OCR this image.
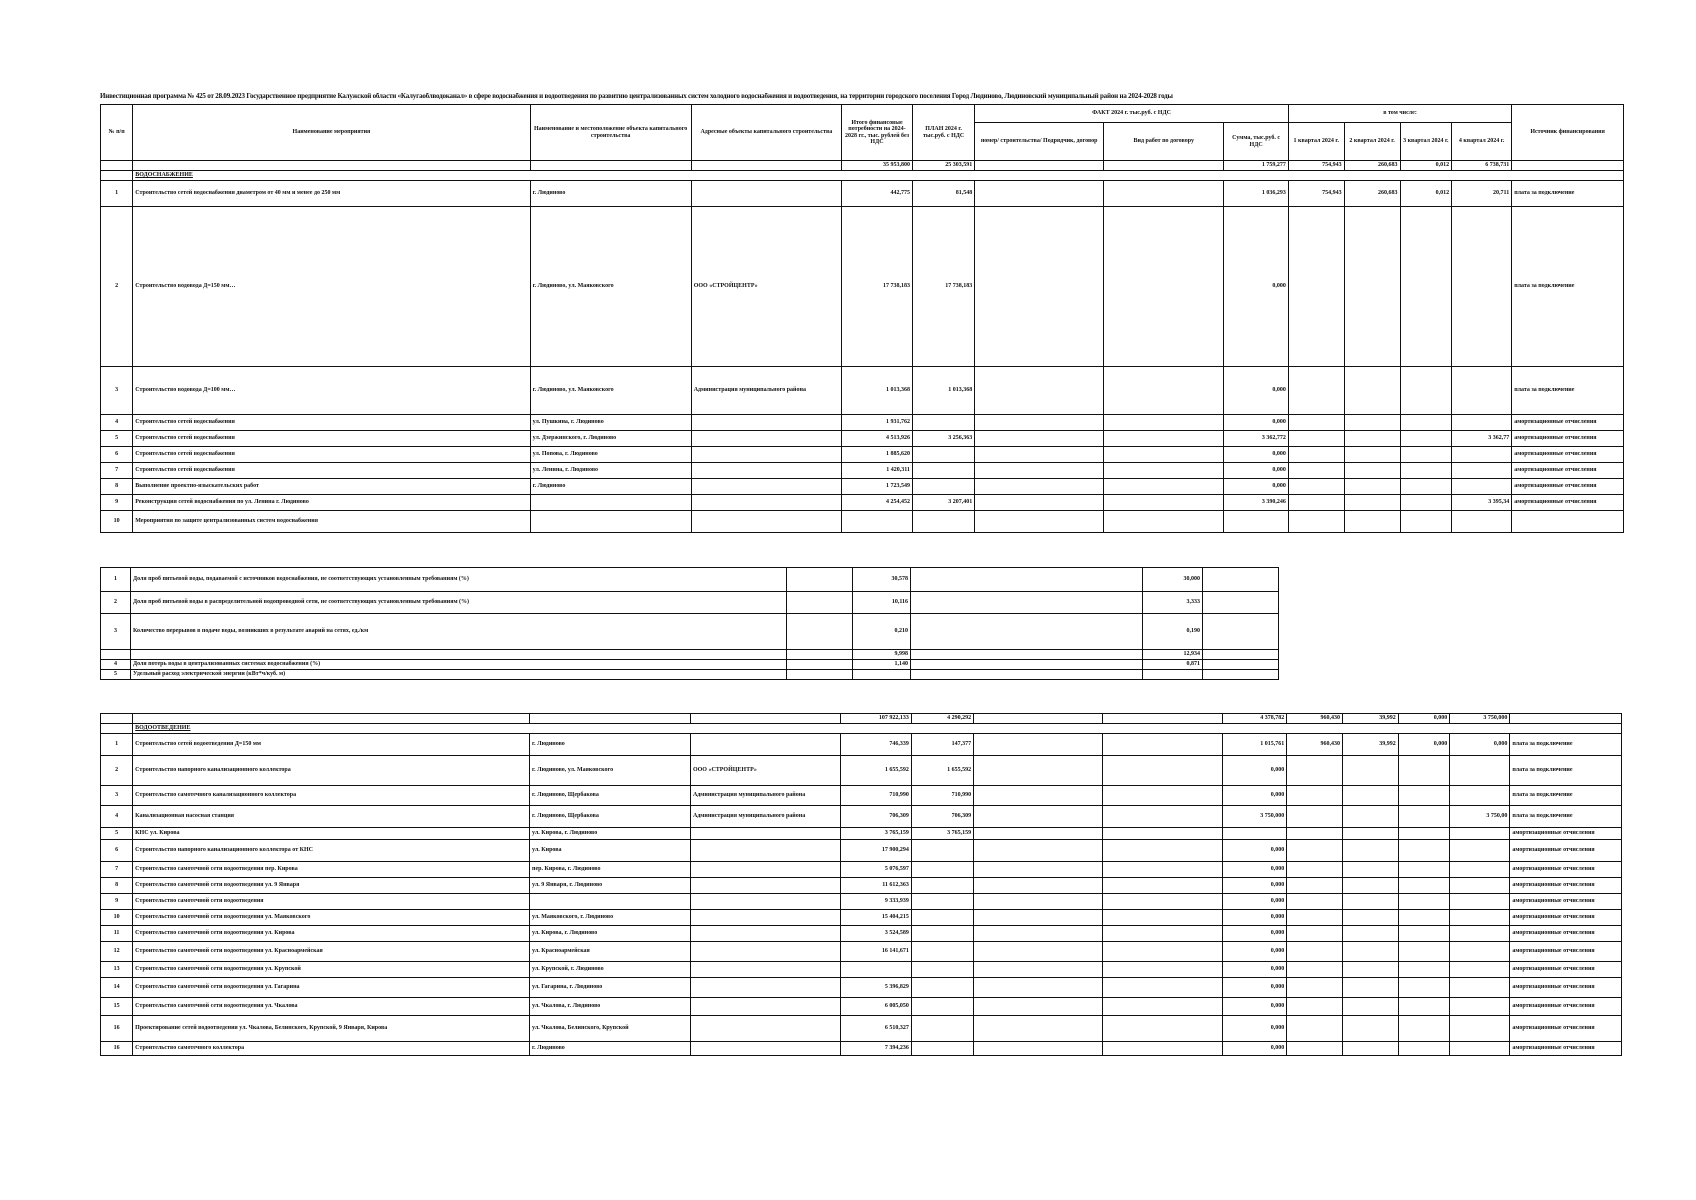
Инвестиционная программа № 425 от 28.09.2023 Государственное предприятие Калужской области «Калугаоблводоканал» в сфере водоснабжения и водоотведения по развитию централизованных систем холодного водоснабжения и водоотведения, на территории городского поселения Город Людиново, Людиновский муниципальный район на 2024-2028 годы
№ п/п	Наименование мероприятия	Наименование и местоположение объекта капитального строительства	Адресные объекты капитального строительства	Итого финансовые потребности на 2024-2028 гг., тыс. рублей без НДС	ПЛАН 2024 г. тыс.руб. с НДС	ФАКТ 2024 г. тыс.руб. с НДС			в том числе:				Источник финансирования
						номер/ строительства/ Подрядчик, договор	Вид работ по договору	Сумма, тыс.руб. с НДС	1 квартал 2024 г.	2 квартал 2024 г.	3 квартал 2024 г.	4 квартал 2024 г.	
				35 953,800	25 303,591			1 759,277	754,943	260,683	0,012	6 738,731	
	ВОДОСНАБЖЕНИЕ												
1	Строительство сетей водоснабжения диаметром от 40 мм и менее до 250 мм	г. Людиново		442,775	81,548			1 036,293	754,943	260,683	0,012	20,711	плата за подключение
2	Строительство водовода Д=150 мм…	г. Людиново, ул. Маяковского	ООО «СТРОЙЦЕНТР»	17 738,183	17 738,183			0,000					плата за подключение
3	Строительство водовода Д=100 мм…	г. Людиново, ул. Маяковского	Администрация муниципального района	1 013,368	1 013,368			0,000					плата за подключение
4	Строительство сетей водоснабжения	ул. Пушкина, г. Людиново		1 931,762				0,000					амортизационные отчисления
5	Строительство сетей водоснабжения	ул. Дзержинского, г. Людиново		4 513,926	3 256,363			3 362,772				3 362,77	амортизационные отчисления
6	Строительство сетей водоснабжения	ул. Попова, г. Людиново		1 885,620				0,000					амортизационные отчисления
7	Строительство сетей водоснабжения	ул. Ленина, г. Людиново		1 420,311				0,000					амортизационные отчисления
8	Выполнение проектно-изыскательских работ	г. Людиново		1 723,549				0,000					амортизационные отчисления
9	Реконструкция сетей водоснабжения по ул. Ленина г. Людиново			4 254,452	3 207,401			3 390,246				3 395,34	амортизационные отчисления
10	Мероприятия по защите централизованных систем водоснабжения												
1	Доля проб питьевой воды, подаваемой с источников водоснабжения, не соответствующих установленным требованиям (%)		30,578		30,000	
2	Доля проб питьевой воды в распределительной водопроводной сети, не соответствующих установленным требованиям (%)		10,116		3,333	
3	Количество перерывов в подаче воды, возникших в результате аварий на сетях, ед./км		0,210		0,190	
			9,998		12,934	
4	Доля потерь воды в централизованных системах водоснабжения (%)		1,140		0,871	
5	Удельный расход электрической энергии (кВт*ч/куб. м)					
				107 922,133	4 290,292			4 378,782	960,430	39,992	0,000	3 750,000	
	ВОДООТВЕДЕНИЕ												
1	Строительство сетей водоотведения Д=150 мм	г. Людиново		746,339	147,377			1 015,761	960,430	39,992	0,000	0,000	плата за подключение
2	Строительство напорного канализационного коллектора	г. Людиново, ул. Маяковского	ООО «СТРОЙЦЕНТР»	1 655,592	1 655,592			0,000					плата за подключение
3	Строительство самотечного канализационного коллектора	г. Людиново, Щербакова	Администрация муниципального района	710,990	710,990			0,000					плата за подключение
4	Канализационная насосная станция	г. Людиново, Щербакова	Администрация муниципального района	706,309	706,309			3 750,000				3 750,00	плата за подключение
5	КНС ул. Кирова	ул. Кирова, г. Людиново		3 765,159	3 765,159								амортизационные отчисления
6	Строительство напорного канализационного коллектора от КНС	ул. Кирова		17 900,294				0,000					амортизационные отчисления
7	Строительство самотечной сети водоотведения пер. Кирова	пер. Кирова, г. Людиново		5 076,597				0,000					амортизационные отчисления
8	Строительство самотечной сети водоотведения ул. 9 Января	ул. 9 Января, г. Людиново		11 612,363				0,000					амортизационные отчисления
9	Строительство самотечной сети водоотведения			9 333,939				0,000					амортизационные отчисления
10	Строительство самотечной сети водоотведения ул. Маяковского	ул. Маяковского, г. Людиново		15 404,215				0,000					амортизационные отчисления
11	Строительство самотечной сети водоотведения ул. Кирова	ул. Кирова, г. Людиново		3 524,589				0,000					амортизационные отчисления
12	Строительство самотечной сети водоотведения ул. Красноармейская	ул. Красноармейская		16 141,671				0,000					амортизационные отчисления
13	Строительство самотечной сети водоотведения ул. Крупской	ул. Крупской, г. Людиново						0,000					амортизационные отчисления
14	Строительство самотечной сети водоотведения ул. Гагарина	ул. Гагарина, г. Людиново		5 396,829				0,000					амортизационные отчисления
15	Строительство самотечной сети водоотведения ул. Чкалова	ул. Чкалова, г. Людиново		6 005,050				0,000					амортизационные отчисления
16	Проектирование сетей водоотведения ул. Чкалова, Белинского, Крупской, 9 Января, Кирова	ул. Чкалова, Белинского, Крупской		6 510,327				0,000					амортизационные отчисления
16	Строительство самотечного коллектора	г. Людиново		7 394,236				0,000					амортизационные отчисления
